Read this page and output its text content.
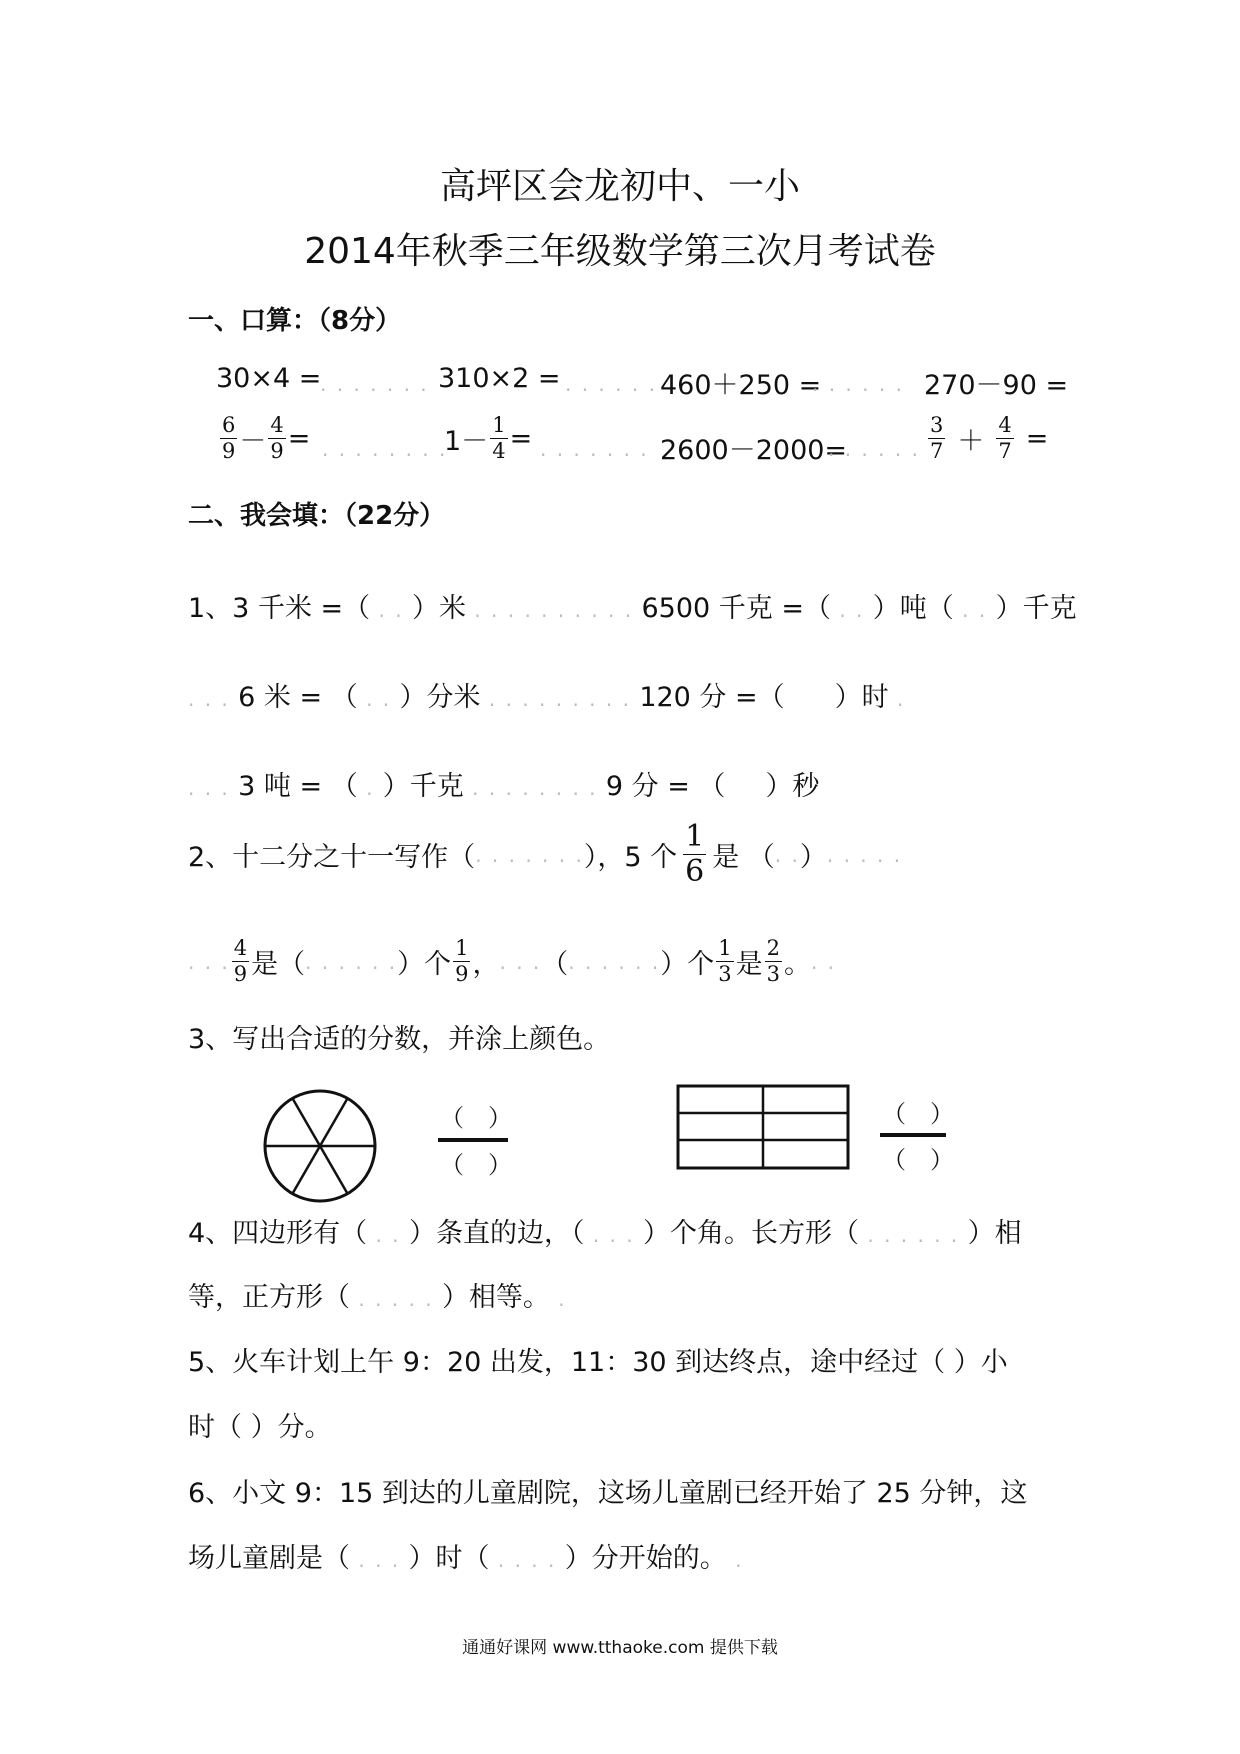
高坪区会龙初中、一小
2014年秋季三年级数学第三次月考试卷
一、口算：（8分）
30×4 =
. . . . . . . 310×2 = . . . . . . 460＋250 =
. . . . . . 270－90 =
$\frac{6}{9} - \frac{4}{9}$ = . . . . . . . .
$1- \frac{1}{4}$ = . . . . . . . 2600－2000=
. . . . . . $\frac{3}{7} + \frac{4}{7}$ =
二、我会填：（22分）
1、3 千米 =（ . . ）米 . . . . . . . . . . 6500 千克 =（ . . ）吨（ . . ）千克
. . . 6 米 = （ . . ）分米 . . . . . . . . . 120 分 =（ ）时 .
. . . 3 吨 = （ . ）千克 . . . . . . . . 9 分 = （ ）秒
2、十二分之十一写作（ . . . . . . . ），5 个 $\frac{1}{6}$ 是 （ . . ） . . . . .
. . . $\frac{4}{9}$ 是（ . . . . . . ）个 $\frac{1}{9}$ ， . . . （ . . . . . . ）个 $\frac{1}{3}$ 是 $\frac{2}{3}$ 。 . .
3、写出合适的分数，并涂上颜色。
（　）
（　）
（　）
（　）
4、四边形有（ . . ）条直的边，（ . . . ）个角。长方形（ . . . . . . ）相
等，正方形（ . . . . . ）相等。 .
5、火车计划上午 9：20 出发，11：30 到达终点，途中经过（ ）小
时（ ）分。
6、小文 9：15 到达的儿童剧院，这场儿童剧已经开始了 25 分钟，这
场儿童剧是（ . . . ）时（ . . . . ）分开始的。 .
通通好课网 www.tthaoke.com 提供下载
